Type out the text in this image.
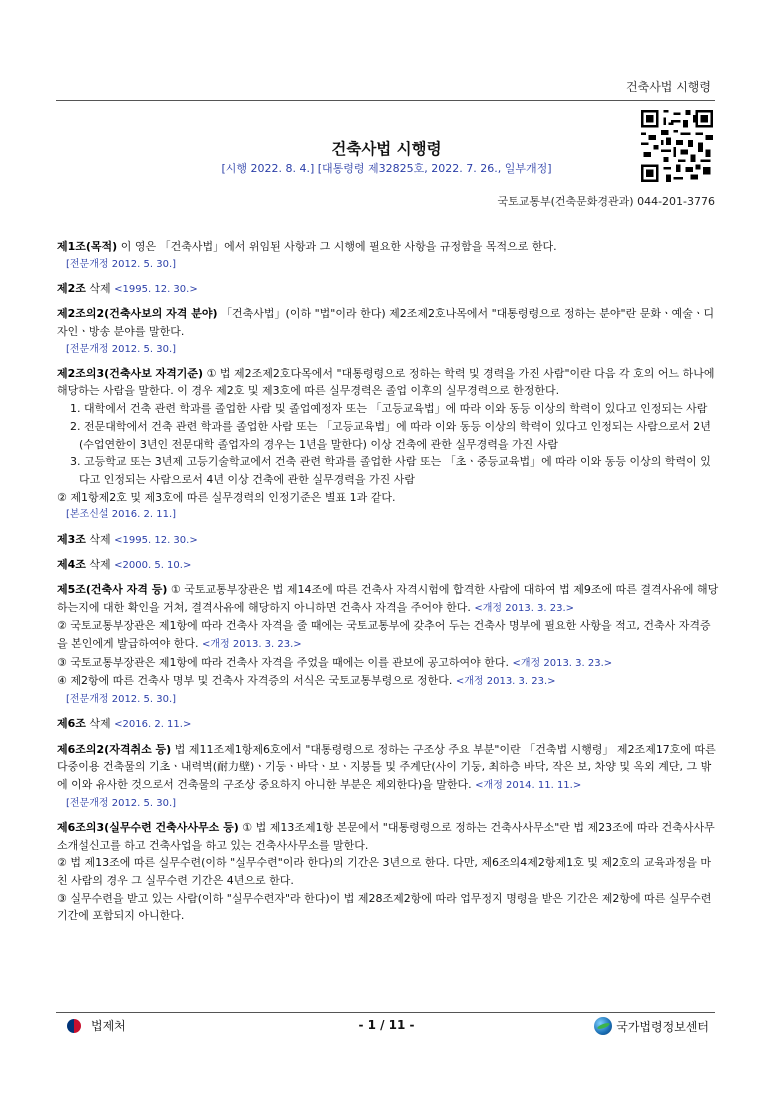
건축사법 시행령
건축사법 시행령
[시행 2022. 8. 4.] [대통령령 제32825호, 2022. 7. 26., 일부개정]
국토교통부(건축문화경관과) 044-201-3776

제1조(목적) 이 영은 「건축사법」에서 위임된 사항과 그 시행에 필요한 사항을 규정함을 목적으로 한다.

[전문개정 2012. 5. 30.]

제2조 삭제 <1995. 12. 30.>

제2조의2(건축사보의 자격 분야) 「건축사법」(이하 "법"이라 한다) 제2조제2호나목에서 "대통령령으로 정하는 분야"란 문화ㆍ예술ㆍ디자인ㆍ방송 분야를 말한다.

[전문개정 2012. 5. 30.]

제2조의3(건축사보 자격기준) ① 법 제2조제2호다목에서 "대통령령으로 정하는 학력 및 경력을 가진 사람"이란 다음 각 호의 어느 하나에 해당하는 사람을 말한다. 이 경우 제2호 및 제3호에 따른 실무경력은 졸업 이후의 실무경력으로 한정한다.

1. 대학에서 건축 관련 학과를 졸업한 사람 및 졸업예정자 또는 「고등교육법」에 따라 이와 동등 이상의 학력이 있다고 인정되는 사람
2. 전문대학에서 건축 관련 학과를 졸업한 사람 또는 「고등교육법」에 따라 이와 동등 이상의 학력이 있다고 인정되는 사람으로서 2년(수업연한이 3년인 전문대학 졸업자의 경우는 1년을 말한다) 이상 건축에 관한 실무경력을 가진 사람
3. 고등학교 또는 3년제 고등기술학교에서 건축 관련 학과를 졸업한 사람 또는 「초ㆍ중등교육법」에 따라 이와 동등 이상의 학력이 있다고 인정되는 사람으로서 4년 이상 건축에 관한 실무경력을 가진 사람
② 제1항제2호 및 제3호에 따른 실무경력의 인정기준은 별표 1과 같다.
[본조신설 2016. 2. 11.]

제3조 삭제 <1995. 12. 30.>

제4조 삭제 <2000. 5. 10.>

제5조(건축사 자격 등) ① 국토교통부장관은 법 제14조에 따른 건축사 자격시험에 합격한 사람에 대하여 법 제9조에 따른 결격사유에 해당하는지에 대한 확인을 거쳐, 결격사유에 해당하지 아니하면 건축사 자격을 주어야 한다. <개정 2013. 3. 23.>

② 국토교통부장관은 제1항에 따라 건축사 자격을 줄 때에는 국토교통부에 갖추어 두는 건축사 명부에 필요한 사항을 적고, 건축사 자격증을 본인에게 발급하여야 한다. <개정 2013. 3. 23.>
③ 국토교통부장관은 제1항에 따라 건축사 자격을 주었을 때에는 이를 관보에 공고하여야 한다. <개정 2013. 3. 23.>
④ 제2항에 따른 건축사 명부 및 건축사 자격증의 서식은 국토교통부령으로 정한다. <개정 2013. 3. 23.>
[전문개정 2012. 5. 30.]

제6조 삭제 <2016. 2. 11.>

제6조의2(자격취소 등) 법 제11조제1항제6호에서 "대통령령으로 정하는 구조상 주요 부분"이란 「건축법 시행령」 제2조제17호에 따른 다중이용 건축물의 기초ㆍ내력벽(耐力壁)ㆍ기둥ㆍ바닥ㆍ보ㆍ지붕틀 및 주계단(사이 기둥, 최하층 바닥, 작은 보, 차양 및 옥외 계단, 그 밖에 이와 유사한 것으로서 건축물의 구조상 중요하지 아니한 부분은 제외한다)을 말한다. <개정 2014. 11. 11.>

[전문개정 2012. 5. 30.]

제6조의3(실무수련 건축사사무소 등) ① 법 제13조제1항 본문에서 "대통령령으로 정하는 건축사사무소"란 법 제23조에 따라 건축사사무소개설신고를 하고 건축사업을 하고 있는 건축사사무소를 말한다.

② 법 제13조에 따른 실무수련(이하 "실무수련"이라 한다)의 기간은 3년으로 한다. 다만, 제6조의4제2항제1호 및 제2호의 교육과정을 마친 사람의 경우 그 실무수련 기간은 4년으로 한다.
③ 실무수련을 받고 있는 사람(이하 "실무수련자"라 한다)이 법 제28조제2항에 따라 업무정지 명령을 받은 기간은 제2항에 따른 실무수련 기간에 포함되지 아니한다.
법제처	- 1 / 11 -	국가법령정보센터
